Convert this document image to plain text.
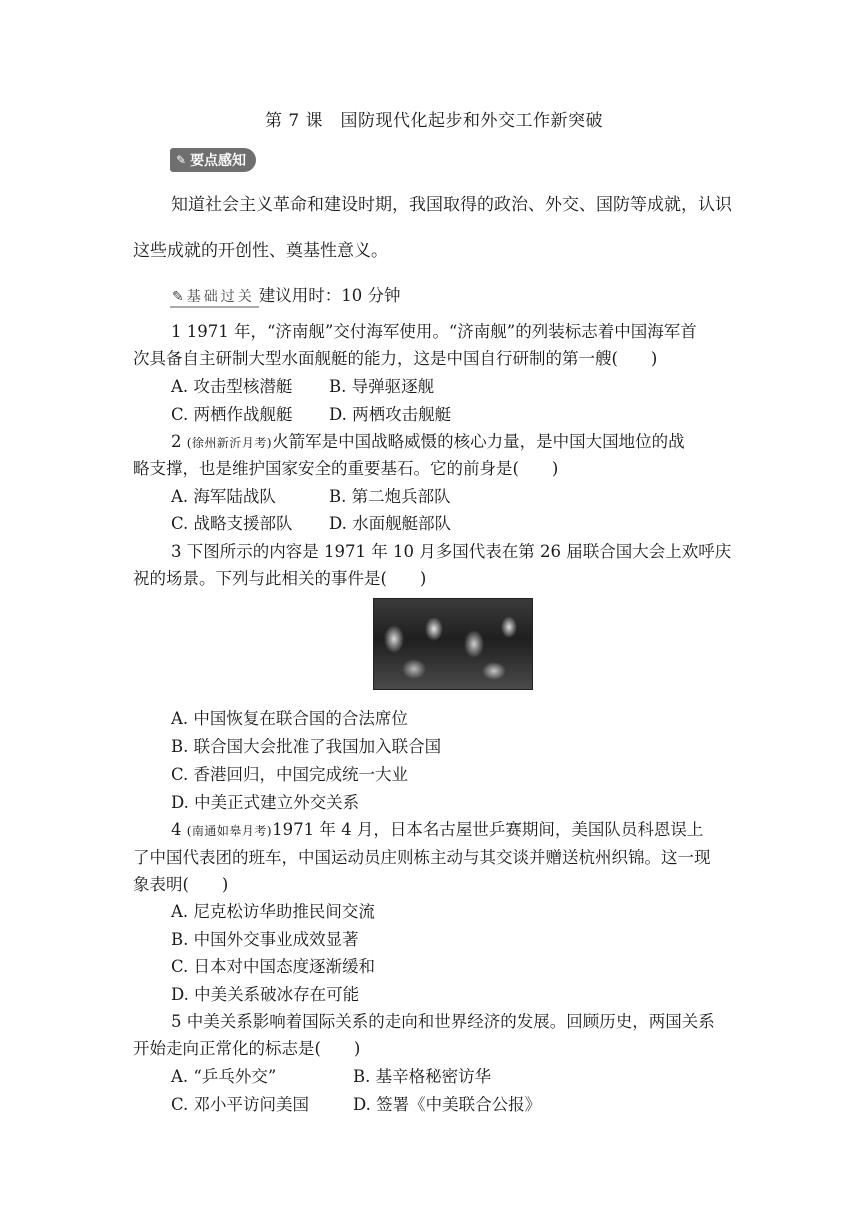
第 7 课　国防现代化起步和外交工作新突破
✎ 要点感知
知道社会主义革命和建设时期，我国取得的政治、外交、国防等成就，认识
这些成就的开创性、奠基性意义。
✎基础过关 建议用时：10 分钟
1 1971 年，“济南舰”交付海军使用。“济南舰”的列装标志着中国海军首
次具备自主研制大型水面舰艇的能力，这是中国自行研制的第一艘(　　)
A. 攻击型核潜艇 B. 导弹驱逐舰
C. 两栖作战舰艇 D. 两栖攻击舰艇
2 (徐州新沂月考)火箭军是中国战略威慑的核心力量，是中国大国地位的战
略支撑，也是维护国家安全的重要基石。它的前身是(　　)
A. 海军陆战队	B. 第二炮兵部队
C. 战略支援部队 D. 水面舰艇部队
3 下图所示的内容是 1971 年 10 月多国代表在第 26 届联合国大会上欢呼庆
祝的场景。下列与此相关的事件是(　　)
A. 中国恢复在联合国的合法席位
B. 联合国大会批准了我国加入联合国
C. 香港回归，中国完成统一大业
D. 中美正式建立外交关系
4 (南通如皋月考)1971 年 4 月，日本名古屋世乒赛期间，美国队员科恩误上
了中国代表团的班车，中国运动员庄则栋主动与其交谈并赠送杭州织锦。这一现
象表明(　　)
A. 尼克松访华助推民间交流
B. 中国外交事业成效显著
C. 日本对中国态度逐渐缓和
D. 中美关系破冰存在可能
5 中美关系影响着国际关系的走向和世界经济的发展。回顾历史，两国关系
开始走向正常化的标志是(　　)
A. “乒乓外交”	B. 基辛格秘密访华
C. 邓小平访问美国	D. 签署《中美联合公报》
